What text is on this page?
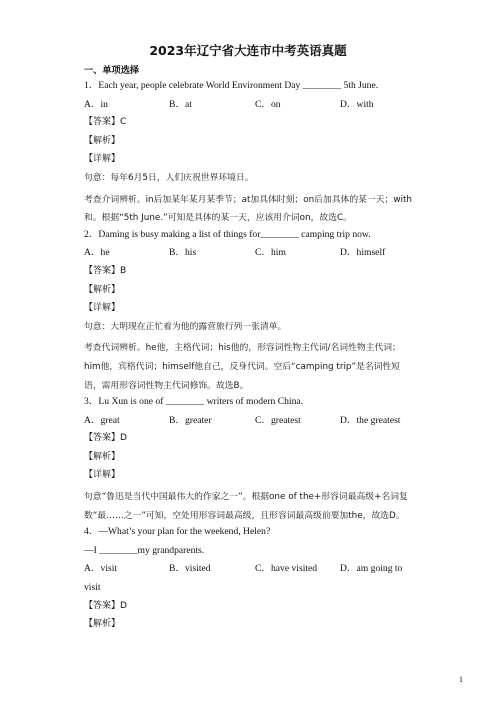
2023年辽宁省大连市中考英语真题
一、单项选择
1．Each year, people celebrate World Environment Day ________ 5th June.
A．in	B．at	C．on	D．with
【答案】C
【解析】
【详解】
句意：每年6月5日，人们庆祝世界环境日。
考查介词辨析。in后加某年某月某季节；at加具体时刻；on后加具体的某一天；with和。根据“5th June.”可知是具体的某一天，应该用介词on，故选C。
2．Daming is busy making a list of things for________ camping trip now.
A．he	B．his	C．him	D．himself
【答案】B
【解析】
【详解】
句意：大明现在正忙着为他的露营旅行列一张清单。
考查代词辨析。he他，主格代词；his他的，形容词性物主代词/名词性物主代词；him他，宾格代词；himself他自己，反身代词。空后“camping trip”是名词性短语，需用形容词性物主代词修饰。故选B。
3．Lu Xun is one of ________ writers of modern China.
A．great	B．greater	C．greatest	D．the greatest
【答案】D
【解析】
【详解】
句意“鲁迅是当代中国最伟大的作家之一”。根据one of the+形容词最高级+名词复数“最……之一”可知，空处用形容词最高级，且形容词最高级前要加the，故选D。
4．—What’s your plan for the weekend, Helen?
—I ________my grandparents.
A．visit	B．visited	C．have visited D．am going to
visit
【答案】D
【解析】
1
